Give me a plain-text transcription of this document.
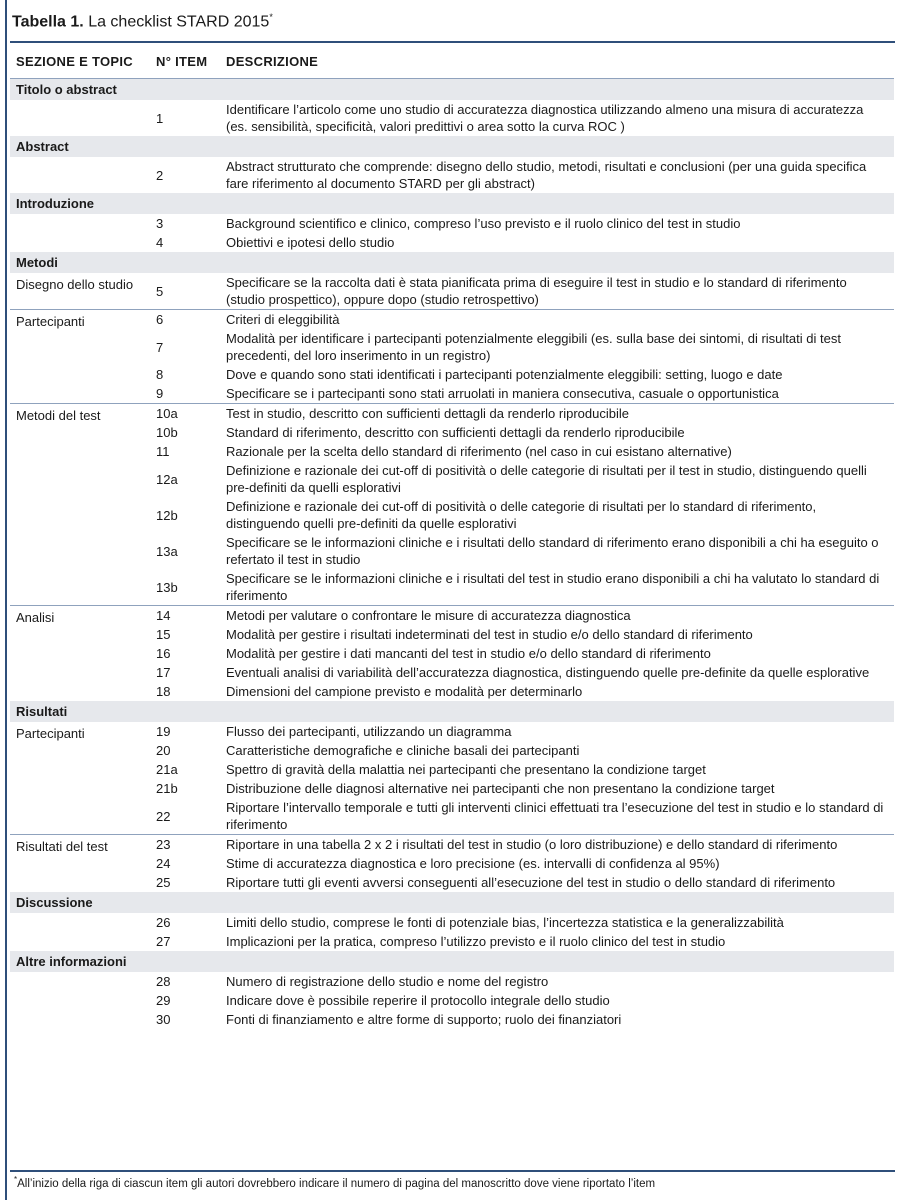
Tabella 1. La checklist STARD 2015*
SEZIONE E TOPIC	N° ITEM	DESCRIZIONE
Titolo o abstract		
	1	Identificare l’articolo come uno studio di accuratezza diagnostica utilizzando almeno una misura di accuratezza (es. sensibilità, specificità, valori predittivi o area sotto la curva ROC )
Abstract		
	2	Abstract strutturato che comprende: disegno dello studio, metodi, risultati e conclusioni (per una guida specifica fare riferimento al documento STARD per gli abstract)
Introduzione		
	3	Background scientifico e clinico, compreso l’uso previsto e il ruolo clinico del test in studio
	4	Obiettivi e ipotesi dello studio
Metodi		
Disegno dello studio	5	Specificare se la raccolta dati è stata pianificata prima di eseguire il test in studio e lo standard di riferimento (studio prospettico), oppure dopo (studio retrospettivo)
Partecipanti	6	Criteri di eleggibilità
	7	Modalità per identificare i partecipanti potenzialmente eleggibili (es. sulla base dei sintomi, di risultati di test precedenti, del loro inserimento in un registro)
	8	Dove e quando sono stati identificati i partecipanti potenzialmente eleggibili: setting, luogo e date
	9	Specificare se i partecipanti sono stati arruolati in maniera consecutiva, casuale o opportunistica
Metodi del test	10a	Test in studio, descritto con sufficienti dettagli da renderlo riproducibile
	10b	Standard di riferimento, descritto con sufficienti dettagli da renderlo riproducibile
	11	Razionale per la scelta dello standard di riferimento (nel caso in cui esistano alternative)
	12a	Definizione e razionale dei cut-off di positività o delle categorie di risultati per il test in studio, distinguendo quelli pre-definiti da quelli esplorativi
	12b	Definizione e razionale dei cut-off di positività o delle categorie di risultati per lo standard di riferimento, distinguendo quelli pre-definiti da quelle esplorativi
	13a	Specificare se le informazioni cliniche e i risultati dello standard di riferimento erano disponibili a chi ha eseguito o refertato il test in studio
	13b	Specificare se le informazioni cliniche e i risultati del test in studio erano disponibili a chi ha valutato lo standard di riferimento
Analisi	14	Metodi per valutare o confrontare le misure di accuratezza diagnostica
	15	Modalità per gestire i risultati indeterminati del test in studio e/o dello standard di riferimento
	16	Modalità per gestire i dati mancanti del test in studio e/o dello standard di riferimento
	17	Eventuali analisi di variabilità dell’accuratezza diagnostica, distinguendo quelle pre-definite da quelle esplorative
	18	Dimensioni del campione previsto e modalità per determinarlo
Risultati		
Partecipanti	19	Flusso dei partecipanti, utilizzando un diagramma
	20	Caratteristiche demografiche e cliniche basali dei partecipanti
	21a	Spettro di gravità della malattia nei partecipanti che presentano la condizione target
	21b	Distribuzione delle diagnosi alternative nei partecipanti che non presentano la condizione target
	22	Riportare l’intervallo temporale e tutti gli interventi clinici effettuati tra l’esecuzione del test in studio e lo standard di riferimento
Risultati del test	23	Riportare in una tabella 2 x 2 i risultati del test in studio (o loro distribuzione) e dello standard di riferimento
	24	Stime di accuratezza diagnostica e loro precisione (es. intervalli di confidenza al 95%)
	25	Riportare tutti gli eventi avversi conseguenti all’esecuzione del test in studio o dello standard di riferimento
Discussione		
	26	Limiti dello studio, comprese le fonti di potenziale bias, l’incertezza statistica e la generalizzabilità
	27	Implicazioni per la pratica, compreso l’utilizzo previsto e il ruolo clinico del test in studio
Altre informazioni		
	28	Numero di registrazione dello studio e nome del registro
	29	Indicare dove è possibile reperire il protocollo integrale dello studio
	30	Fonti di finanziamento e altre forme di supporto; ruolo dei finanziatori
*All’inizio della riga di ciascun item gli autori dovrebbero indicare il numero di pagina del manoscritto dove viene riportato l’item
